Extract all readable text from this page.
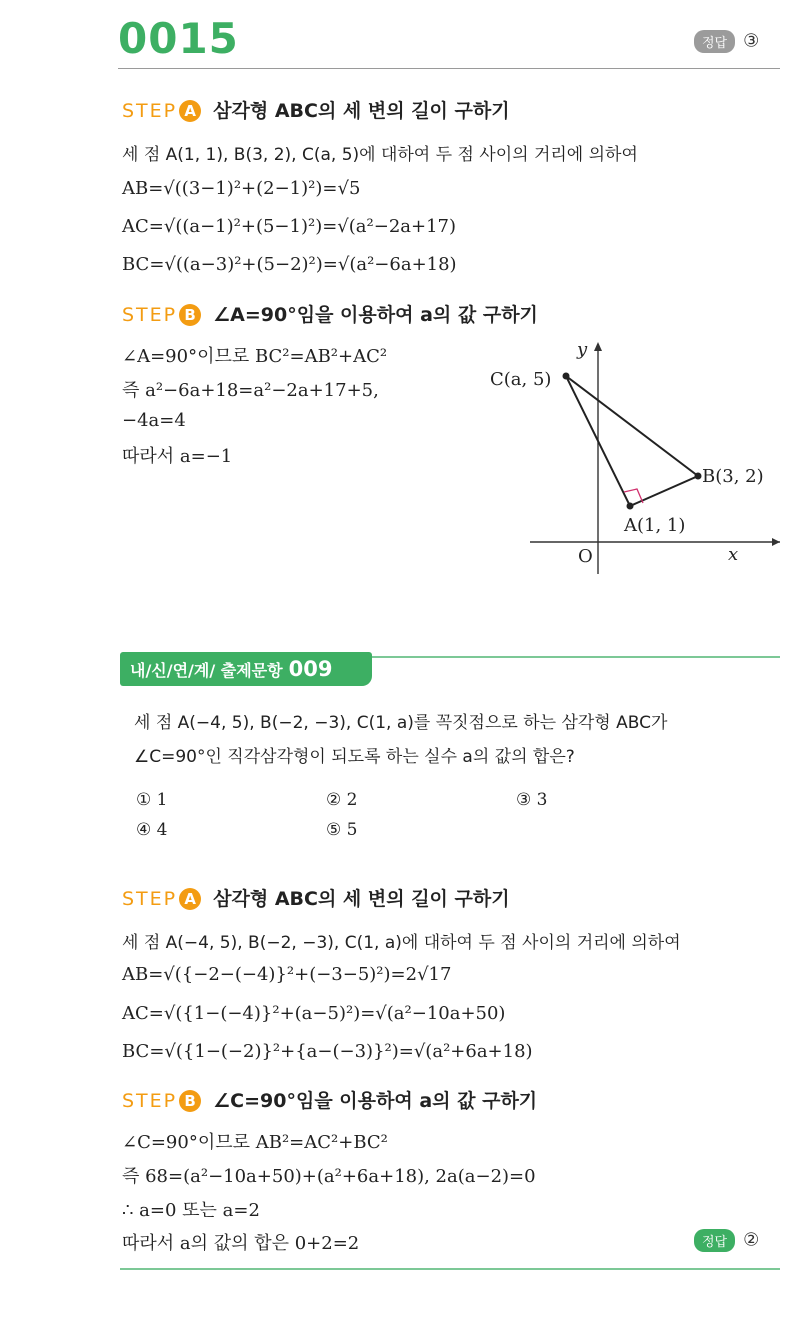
0015	정답 ③
STEP A 삼각형 ABC의 세 변의 길이 구하기
세 점 A(1, 1), B(3, 2), C(a, 5)에 대하여 두 점 사이의 거리에 의하여
AB=√((3−1)²+(2−1)²)=√5
AC=√((a−1)²+(5−1)²)=√(a²−2a+17)
BC=√((a−3)²+(5−2)²)=√(a²−6a+18)
STEP B ∠A=90°임을 이용하여 a의 값 구하기
∠A=90°이므로 BC²=AB²+AC²
즉 a²−6a+18=a²−2a+17+5,
−4a=4
따라서 a=−1
y
x
O
C(a, 5)
B(3, 2)
A(1, 1)
내/신/연/계/ 출제문항 009
세 점 A(−4, 5), B(−2, −3), C(1, a)를 꼭짓점으로 하는 삼각형 ABC가
∠C=90°인 직각삼각형이 되도록 하는 실수 a의 값의 합은?
① 1	② 2	③ 3
④ 4	⑤ 5
STEP A 삼각형 ABC의 세 변의 길이 구하기
세 점 A(−4, 5), B(−2, −3), C(1, a)에 대하여 두 점 사이의 거리에 의하여
AB=√({−2−(−4)}²+(−3−5)²)=2√17
AC=√({1−(−4)}²+(a−5)²)=√(a²−10a+50)
BC=√({1−(−2)}²+{a−(−3)}²)=√(a²+6a+18)
STEP B ∠C=90°임을 이용하여 a의 값 구하기
∠C=90°이므로 AB²=AC²+BC²
즉 68=(a²−10a+50)+(a²+6a+18), 2a(a−2)=0
∴ a=0 또는 a=2
따라서 a의 값의 합은 0+2=2	정답 ②
